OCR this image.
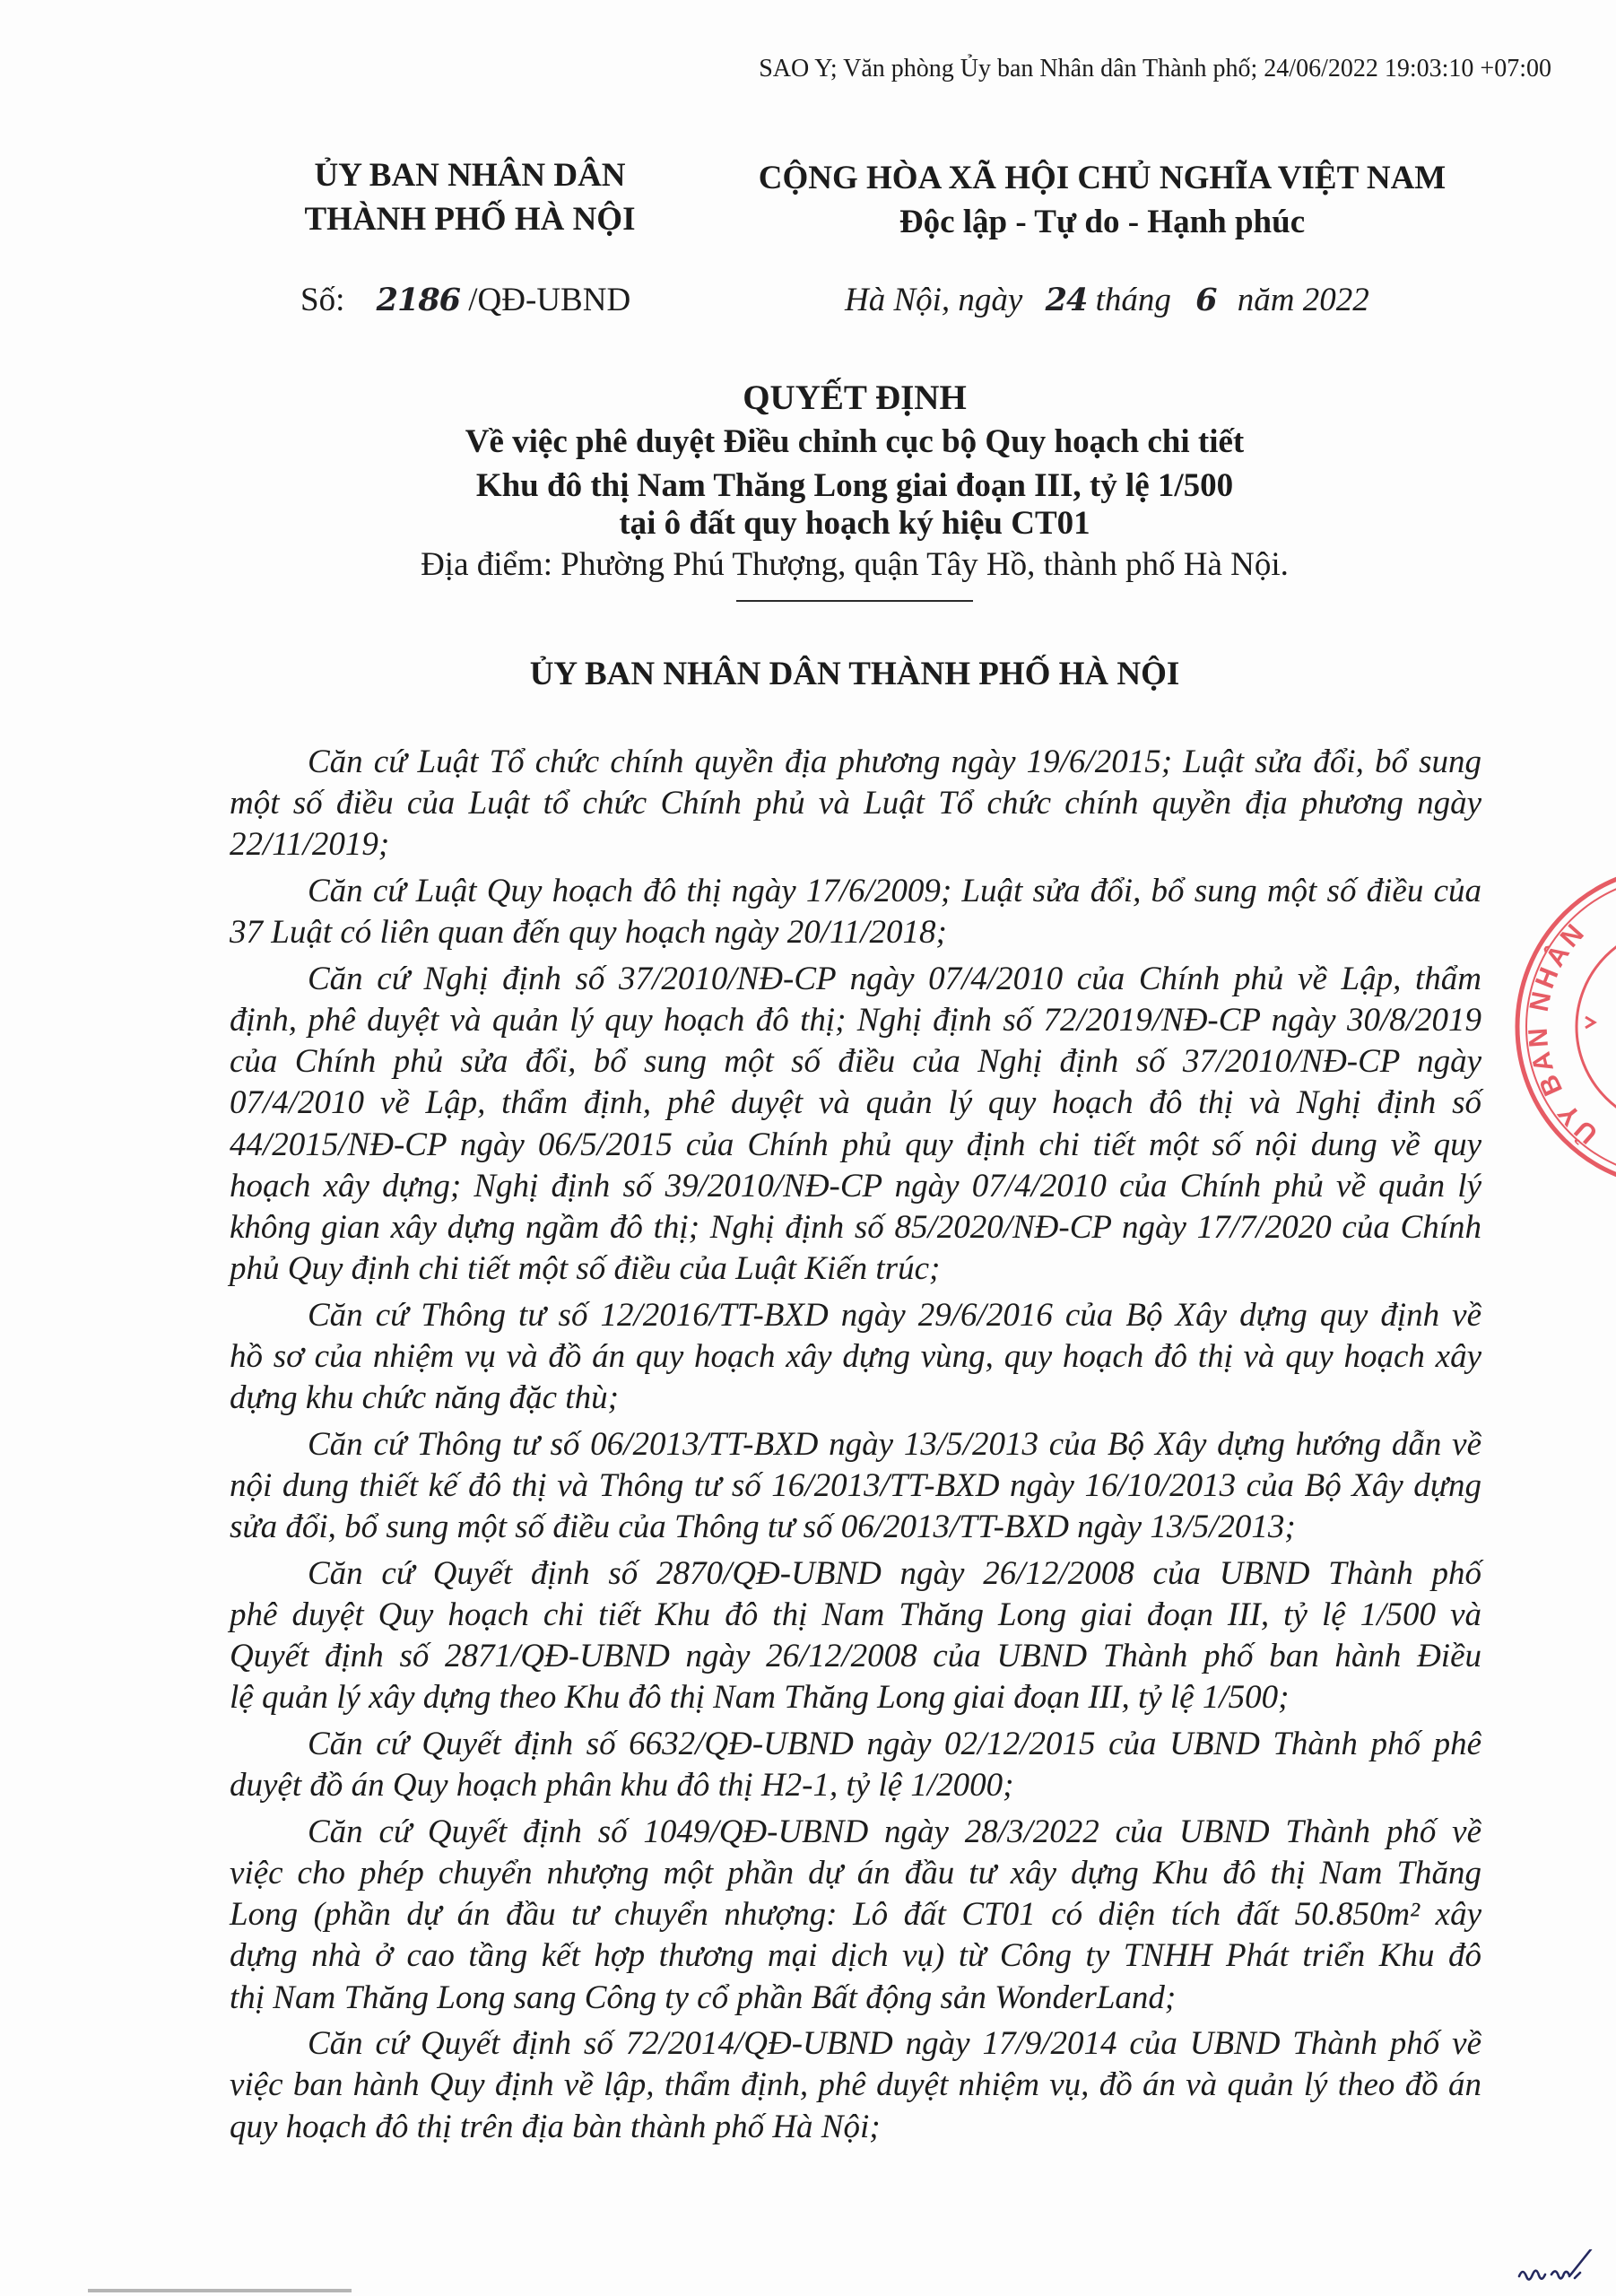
SAO Y; Văn phòng Ủy ban Nhân dân Thành phố; 24/06/2022 19:03:10 +07:00
ỦY BAN NHÂN DÂN
THÀNH PHỐ HÀ NỘI
CỘNG HÒA XÃ HỘI CHỦ NGHĨA VIỆT NAM
Độc lập - Tự do - Hạnh phúc
Số: 2186 /QĐ-UBND	Hà Nội, ngày 24 tháng 6 năm 2022
QUYẾT ĐỊNH
Về việc phê duyệt Điều chỉnh cục bộ Quy hoạch chi tiết
Khu đô thị Nam Thăng Long giai đoạn III, tỷ lệ 1/500
tại ô đất quy hoạch ký hiệu CT01
Địa điểm: Phường Phú Thượng, quận Tây Hồ, thành phố Hà Nội.
ỦY BAN NHÂN DÂN THÀNH PHỐ HÀ NỘI
Căn cứ Luật Tổ chức chính quyền địa phương ngày 19/6/2015; Luật sửa đổi, bổ sung
một số điều của Luật tổ chức Chính phủ và Luật Tổ chức chính quyền địa phương ngày
22/11/2019;
Căn cứ Luật Quy hoạch đô thị ngày 17/6/2009; Luật sửa đổi, bổ sung một số điều của
37 Luật có liên quan đến quy hoạch ngày 20/11/2018;
Căn cứ Nghị định số 37/2010/NĐ-CP ngày 07/4/2010 của Chính phủ về Lập, thẩm
định, phê duyệt và quản lý quy hoạch đô thị; Nghị định số 72/2019/NĐ-CP ngày 30/8/2019
của Chính phủ sửa đổi, bổ sung một số điều của Nghị định số 37/2010/NĐ-CP ngày
07/4/2010 về Lập, thẩm định, phê duyệt và quản lý quy hoạch đô thị và Nghị định số
44/2015/NĐ-CP ngày 06/5/2015 của Chính phủ quy định chi tiết một số nội dung về quy
hoạch xây dựng; Nghị định số 39/2010/NĐ-CP ngày 07/4/2010 của Chính phủ về quản lý
không gian xây dựng ngầm đô thị; Nghị định số 85/2020/NĐ-CP ngày 17/7/2020 của Chính
phủ Quy định chi tiết một số điều của Luật Kiến trúc;
Căn cứ Thông tư số 12/2016/TT-BXD ngày 29/6/2016 của Bộ Xây dựng quy định về
hồ sơ của nhiệm vụ và đồ án quy hoạch xây dựng vùng, quy hoạch đô thị và quy hoạch xây
dựng khu chức năng đặc thù;
Căn cứ Thông tư số 06/2013/TT-BXD ngày 13/5/2013 của Bộ Xây dựng hướng dẫn về
nội dung thiết kế đô thị và Thông tư số 16/2013/TT-BXD ngày 16/10/2013 của Bộ Xây dựng
sửa đổi, bổ sung một số điều của Thông tư số 06/2013/TT-BXD ngày 13/5/2013;
Căn cứ Quyết định số 2870/QĐ-UBND ngày 26/12/2008 của UBND Thành phố
phê duyệt Quy hoạch chi tiết Khu đô thị Nam Thăng Long giai đoạn III, tỷ lệ 1/500 và
Quyết định số 2871/QĐ-UBND ngày 26/12/2008 của UBND Thành phố ban hành Điều
lệ quản lý xây dựng theo Khu đô thị Nam Thăng Long giai đoạn III, tỷ lệ 1/500;
Căn cứ Quyết định số 6632/QĐ-UBND ngày 02/12/2015 của UBND Thành phố phê
duyệt đồ án Quy hoạch phân khu đô thị H2-1, tỷ lệ 1/2000;
Căn cứ Quyết định số 1049/QĐ-UBND ngày 28/3/2022 của UBND Thành phố về
việc cho phép chuyển nhượng một phần dự án đầu tư xây dựng Khu đô thị Nam Thăng
Long (phần dự án đầu tư chuyển nhượng: Lô đất CT01 có diện tích đất 50.850m² xây
dựng nhà ở cao tầng kết hợp thương mại dịch vụ) từ Công ty TNHH Phát triển Khu đô
thị Nam Thăng Long sang Công ty cổ phần Bất động sản WonderLand;
Căn cứ Quyết định số 72/2014/QĐ-UBND ngày 17/9/2014 của UBND Thành phố về
việc ban hành Quy định về lập, thẩm định, phê duyệt nhiệm vụ, đồ án và quản lý theo đồ án
quy hoạch đô thị trên địa bàn thành phố Hà Nội;
ỦY BAN NHÂN
